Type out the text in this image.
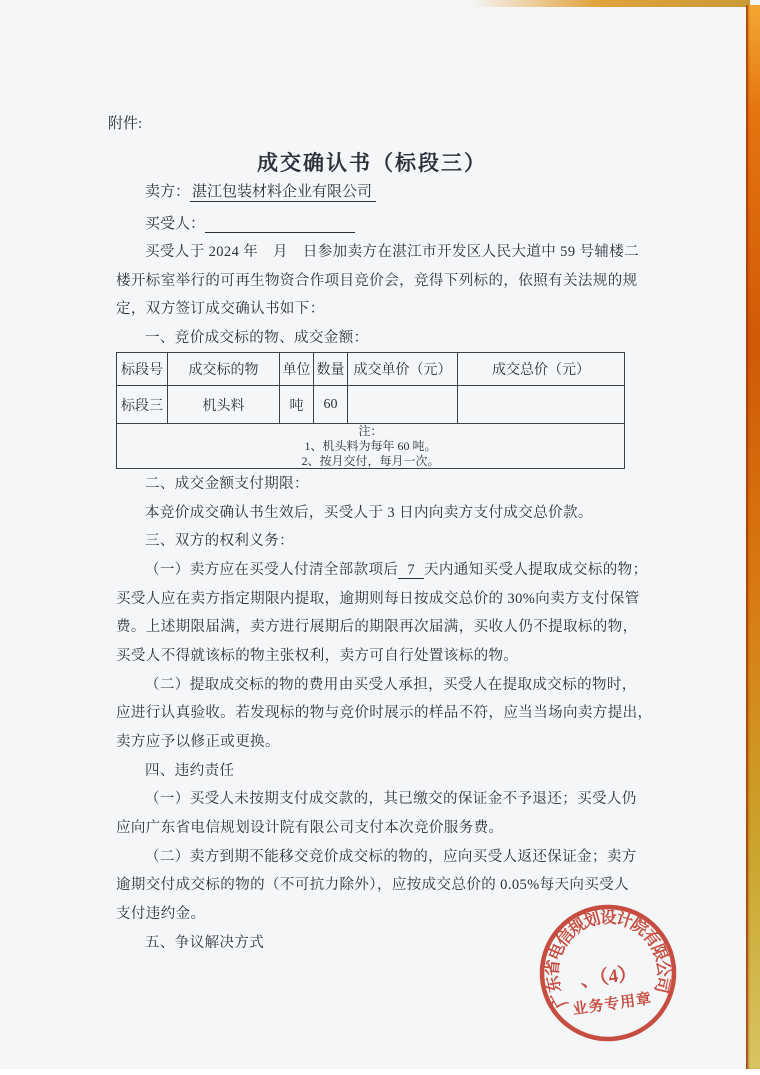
附件:
成交确认书（标段三）
卖方： 湛江包装材料企业有限公司
买受人：
买受人于 2024 年　月　日参加卖方在湛江市开发区人民大道中 59 号辅楼二
楼开标室举行的可再生物资合作项目竞价会，竞得下列标的，依照有关法规的规
定，双方签订成交确认书如下：
一、竞价成交标的物、成交金额：
标段号	成交标的物	单位	数量	成交单价（元）	成交总价（元）
标段三	机头料	吨	60		

注：
1、机头料为每年 60 吨。
2、按月交付，每月一次。					
二、成交金额支付期限：
本竞价成交确认书生效后，买受人于 3 日内向卖方支付成交总价款。
三、双方的权利义务：
（一）卖方应在买受人付清全部款项后 7 天内通知买受人提取成交标的物；
买受人应在卖方指定期限内提取，逾期则每日按成交总价的 30%向卖方支付保管
费。上述期限届满，卖方进行展期后的期限再次届满，买收人仍不提取标的物，
买受人不得就该标的物主张权利，卖方可自行处置该标的物。
（二）提取成交标的物的费用由买受人承担，买受人在提取成交标的物时，
应进行认真验收。若发现标的物与竞价时展示的样品不符，应当当场向卖方提出，
卖方应予以修正或更换。
四、违约责任
（一）买受人未按期支付成交款的，其已缴交的保证金不予退还；买受人仍
应向广东省电信规划设计院有限公司支付本次竞价服务费。
（二）卖方到期不能移交竞价成交标的物的，应向买受人返还保证金；卖方
逾期交付成交标的物的（不可抗力除外），应按成交总价的 0.05%每天向买受人
支付违约金。
五、争议解决方式
广东省电信规划设计院有限公司
、（4）
业务专用章
